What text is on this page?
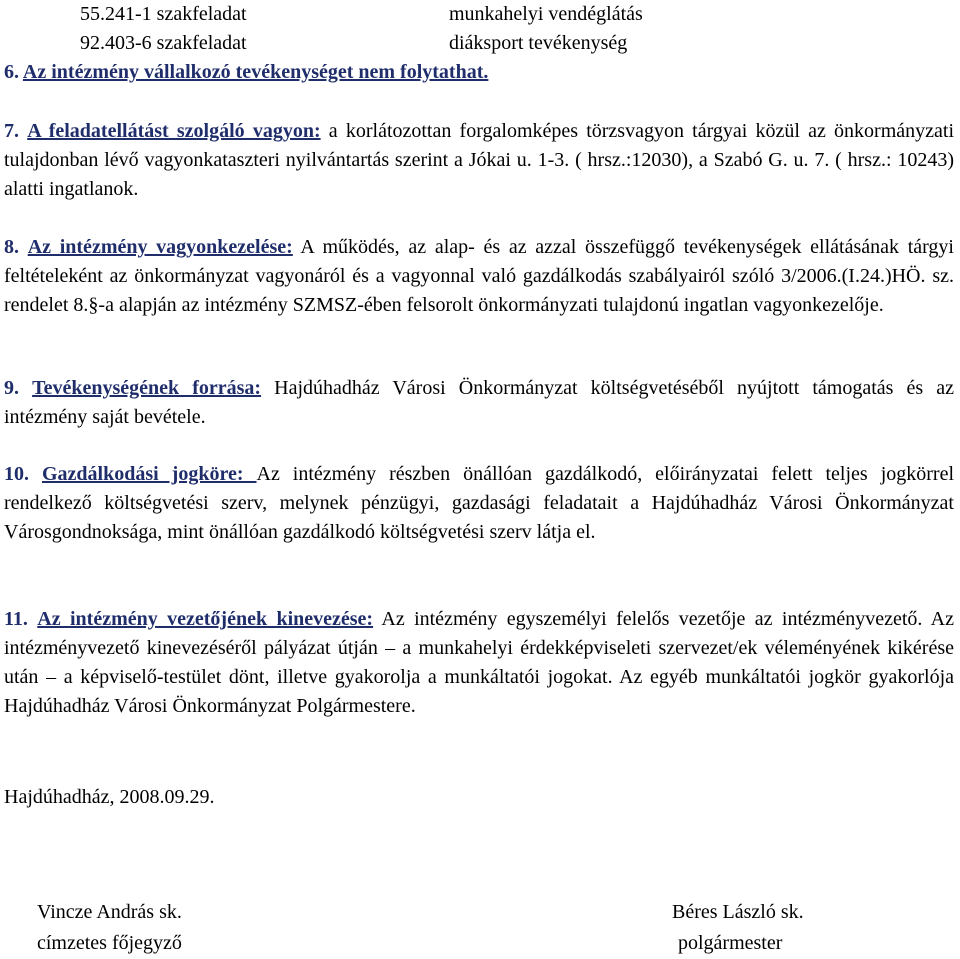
55.241-1 szakfeladat	munkahelyi vendéglátás
92.403-6 szakfeladat	diáksport tevékenység
6. Az intézmény vállalkozó tevékenységet nem folytathat.

7. A feladatellátást szolgáló vagyon: a korlátozottan forgalomképes törzsvagyon tárgyai közül az önkormányzati tulajdonban lévő vagyonkataszteri nyilvántartás szerint a Jókai u. 1-3. ( hrsz.:12030), a Szabó G. u. 7. ( hrsz.: 10243) alatti ingatlanok.

8. Az intézmény vagyonkezelése: A működés, az alap- és az azzal összefüggő tevékenységek ellátásának tárgyi feltételeként az önkormányzat vagyonáról és a vagyonnal való gazdálkodás szabályairól szóló 3/2006.(I.24.)HÖ. sz. rendelet 8.§-a alapján az intézmény SZMSZ-ében felsorolt önkormányzati tulajdonú ingatlan vagyonkezelője.

9. Tevékenységének forrása: Hajdúhadház Városi Önkormányzat költségvetéséből nyújtott támogatás és az intézmény saját bevétele.

10. Gazdálkodási jogköre: Az intézmény részben önállóan gazdálkodó, előirányzatai felett teljes jogkörrel rendelkező költségvetési szerv, melynek pénzügyi, gazdasági feladatait a Hajdúhadház Városi Önkormányzat Városgondnoksága, mint önállóan gazdálkodó költségvetési szerv látja el.

11. Az intézmény vezetőjének kinevezése: Az intézmény egyszemélyi felelős vezetője az intézményvezető. Az intézményvezető kinevezéséről pályázat útján – a munkahelyi érdekképviseleti szervezet/ek véleményének kikérése után – a képviselő-testület dönt, illetve gyakorolja a munkáltatói jogokat. Az egyéb munkáltatói jogkör gyakorlója Hajdúhadház Városi Önkormányzat Polgármestere.

Hajdúhadház, 2008.09.29.
Vincze András sk.
címzetes főjegyző
Béres László sk.
polgármester
